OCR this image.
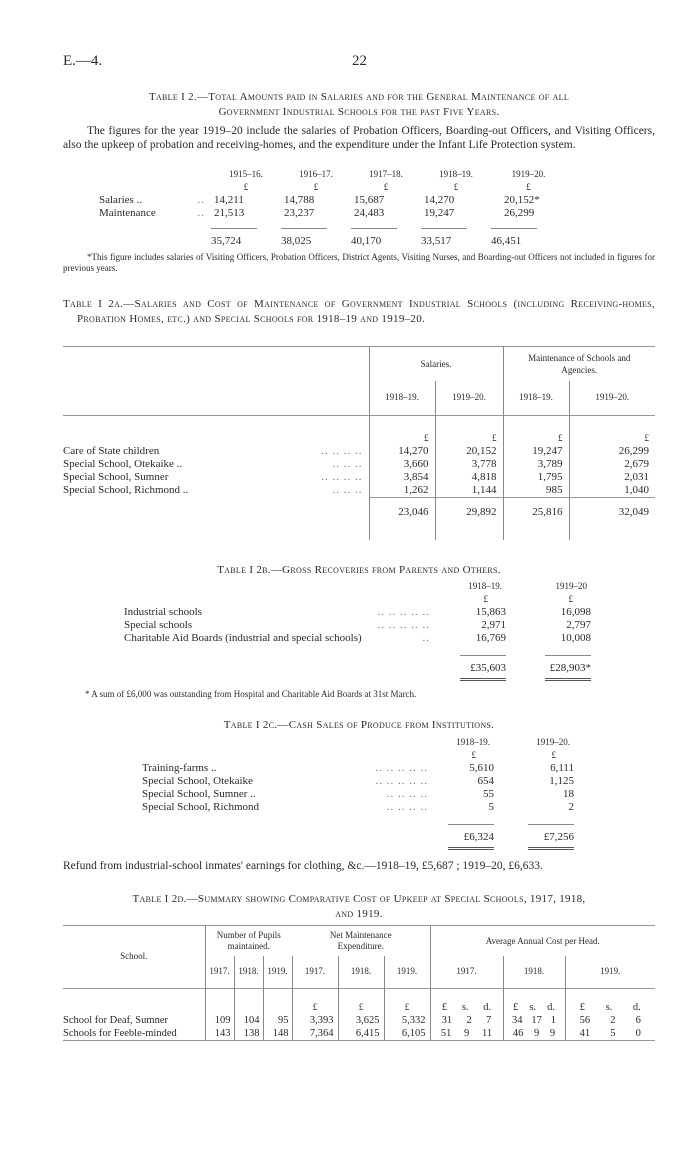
E.—4.	22
Table I 2.—Total Amounts paid in Salaries and for the General Maintenance of all
Government Industrial Schools for the past Five Years.

The figures for the year 1919–20 include the salaries of Probation Officers, Boarding-out Officers, and Visiting Officers, also the upkeep of probation and receiving-homes, and the expenditure under the Infant Life Protection system.

	1915–16.	1916–17.	1917–18.	1918–19.	1919–20.
	£	£	£	£	£

Salaries .. ..	14,211	14,788	15,687	14,270	20,152*

Maintenance ..	21,513	23,237	24,483	19,247	26,299
	35,724	38,025	40,170	33,517	46,451

*This figure includes salaries of Visiting Officers, Probation Officers, District Agents, Visiting Nurses, and Boarding-out Officers not included in figures for previous years.

Table I 2a.—Salaries and Cost of Maintenance of Government Industrial Schools (including Receiving-homes, Probation Homes, etc.) and Special Schools for 1918–19 and 1919–20.

	Salaries.		Maintenance of Schools and Agencies.	
	1918–19.	1919–20.	1918–19.	1919–20.
	£	£	£	£

Care of State children .. .. .. ..	14,270	20,152	19,247	26,299

Special School, Otekaike .. .. .. ..	3,660	3,778	3,789	2,679

Special School, Sumner .. .. .. ..	3,854	4,818	1,795	2,031

Special School, Richmond .. .. .. ..	1,262	1,144	985	1,040
	23,046	29,892	25,816	32,049

Table I 2b.—Gross Recoveries from Parents and Others.
	1918–19.	1919–20
	£	£

Industrial schools .. .. .. .. ..	15,863	16,098

Special schools .. .. .. .. ..	2,971	2,797

Charitable Aid Boards (industrial and special schools) ..	16,769	10,008
	£35,603	£28,903*

* A sum of £6,000 was outstanding from Hospital and Charitable Aid Boards at 31st March.

Table I 2c.—Cash Sales of Produce from Institutions.
	1918–19.	1919–20.
	£	£

Training-farms .. .. .. .. .. ..	5,610	6,111

Special School, Otekaike .. .. .. .. ..	654	1,125

Special School, Sumner .. .. .. .. ..	55	18

Special School, Richmond .. .. .. ..	5	2
	£6,324	£7,256

Refund from industrial-school inmates' earnings for clothing, &c.—1918–19, £5,687 ; 1919–20, £6,633.

Table I 2d.—Summary showing Comparative Cost of Upkeep at Special Schools, 1917, 1918,
and 1919.
School.	Number of Pupils maintained.			Net Maintenance Expenditure.			Average Annual Cost per Head.		
	1917.	1918.	1919.	1917.	1918.	1919.	1917.	1918.	1919.
				£	£	£	£ s. d.	£ s. d.	£ s. d.

School for Deaf, Sumner	109	104	95	3,393	3,625	5,332	31 2 7	34 17 1	56 2 6

Schools for Feeble-minded	143	138	148	7,364	6,415	6,105	51 9 11	46 9 9	41 5 0
